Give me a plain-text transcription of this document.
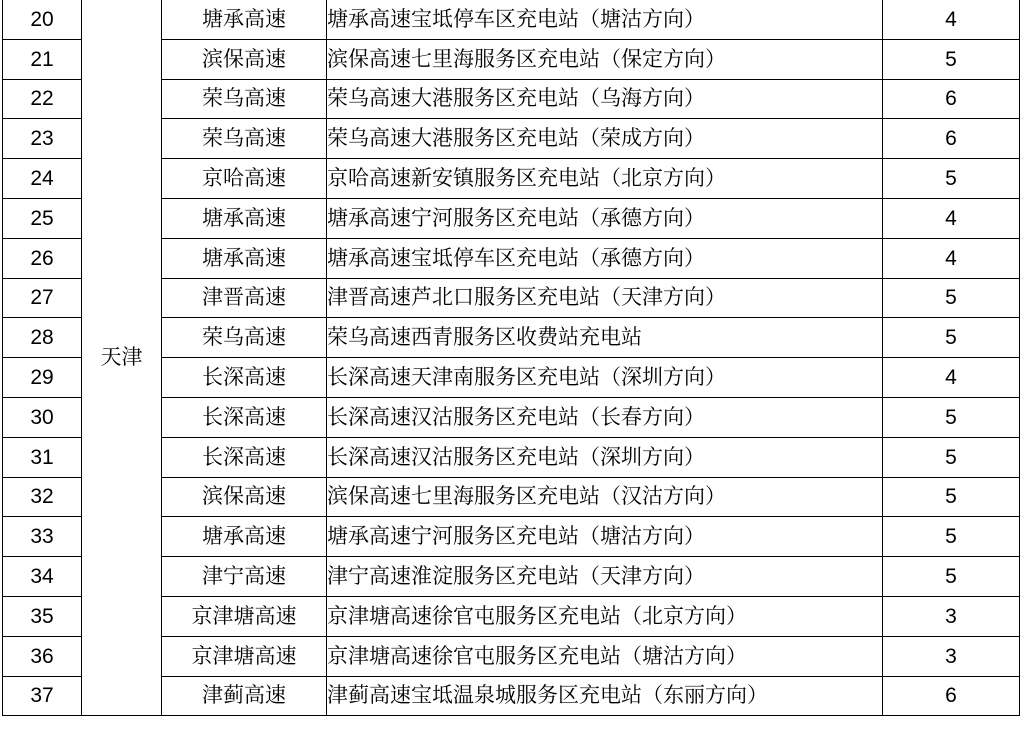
20	天津	塘承高速	塘承高速宝坻停车区充电站（塘沽方向）	4
21		滨保高速	滨保高速七里海服务区充电站（保定方向）	5
22		荣乌高速	荣乌高速大港服务区充电站（乌海方向）	6
23		荣乌高速	荣乌高速大港服务区充电站（荣成方向）	6
24		京哈高速	京哈高速新安镇服务区充电站（北京方向）	5
25		塘承高速	塘承高速宁河服务区充电站（承德方向）	4
26		塘承高速	塘承高速宝坻停车区充电站（承德方向）	4
27		津晋高速	津晋高速芦北口服务区充电站（天津方向）	5
28		荣乌高速	荣乌高速西青服务区收费站充电站	5
29		长深高速	长深高速天津南服务区充电站（深圳方向）	4
30		长深高速	长深高速汉沽服务区充电站（长春方向）	5
31		长深高速	长深高速汉沽服务区充电站（深圳方向）	5
32		滨保高速	滨保高速七里海服务区充电站（汉沽方向）	5
33		塘承高速	塘承高速宁河服务区充电站（塘沽方向）	5
34		津宁高速	津宁高速淮淀服务区充电站（天津方向）	5
35		京津塘高速	京津塘高速徐官屯服务区充电站（北京方向）	3
36		京津塘高速	京津塘高速徐官屯服务区充电站（塘沽方向）	3
37		津蓟高速	津蓟高速宝坻温泉城服务区充电站（东丽方向）	6
